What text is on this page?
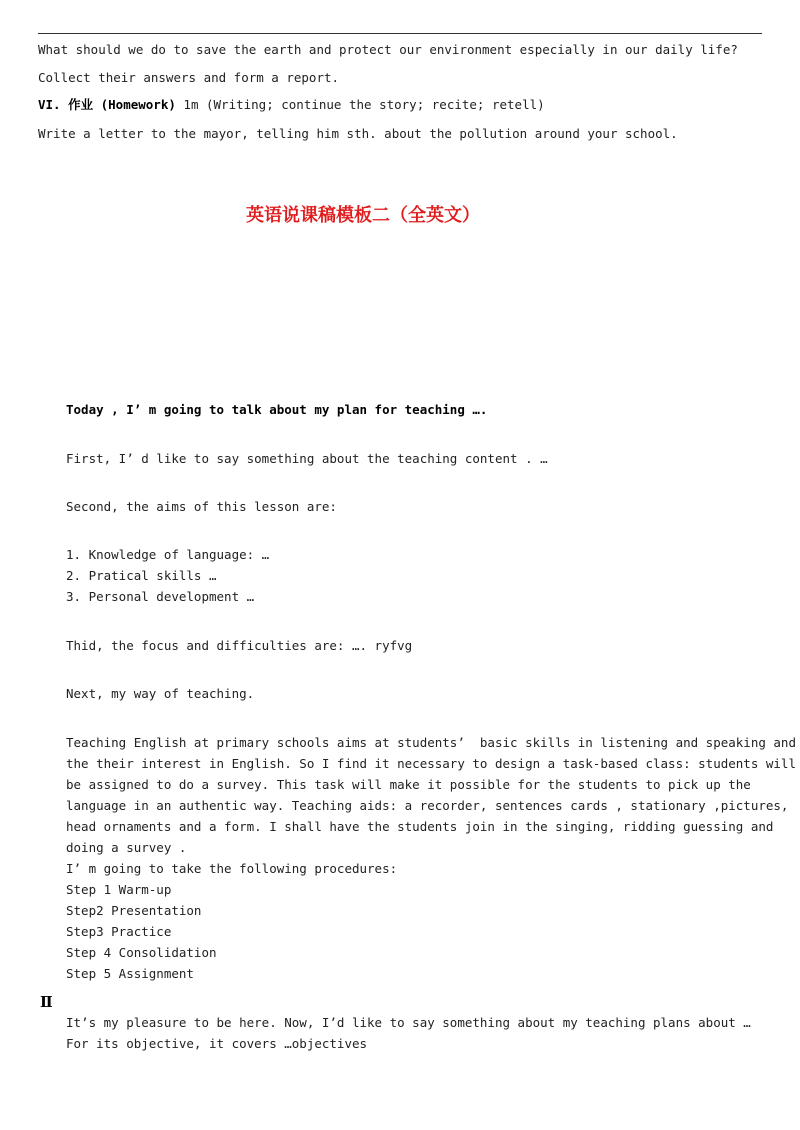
What should we do to save the earth and protect our environment especially in our daily life?
Collect their answers and form a report.
VI. 作业 (Homework) 1m (Writing; continue the story; recite; retell)
Write a letter to the mayor, telling him sth. about the pollution around your school.
英语说课稿模板二（全英文）
Today , I’ m going to talk about my plan for teaching ….
First, I’ d like to say something about the teaching content . …
Second, the aims of this lesson are:
1. Knowledge of language: …
2. Pratical skills …
3. Personal development …
Thid, the focus and difficulties are: …. ryfvg
Next, my way of teaching.
Teaching English at primary schools aims at students’  basic skills in listening and speaking and
the their interest in English. So I find it necessary to design a task-based class: students will
be assigned to do a survey. This task will make it possible for the students to pick up the
language in an authentic way. Teaching aids: a recorder, sentences cards , stationary ,pictures,
head ornaments and a form. I shall have the students join in the singing, ridding guessing and
doing a survey .
I’ m going to take the following procedures:
Step 1 Warm-up
Step2 Presentation
Step3 Practice
Step 4 Consolidation
Step 5 Assignment
Ⅱ
It’s my pleasure to be here. Now, I’d like to say something about my teaching plans about …
For its objective, it covers …objectives
